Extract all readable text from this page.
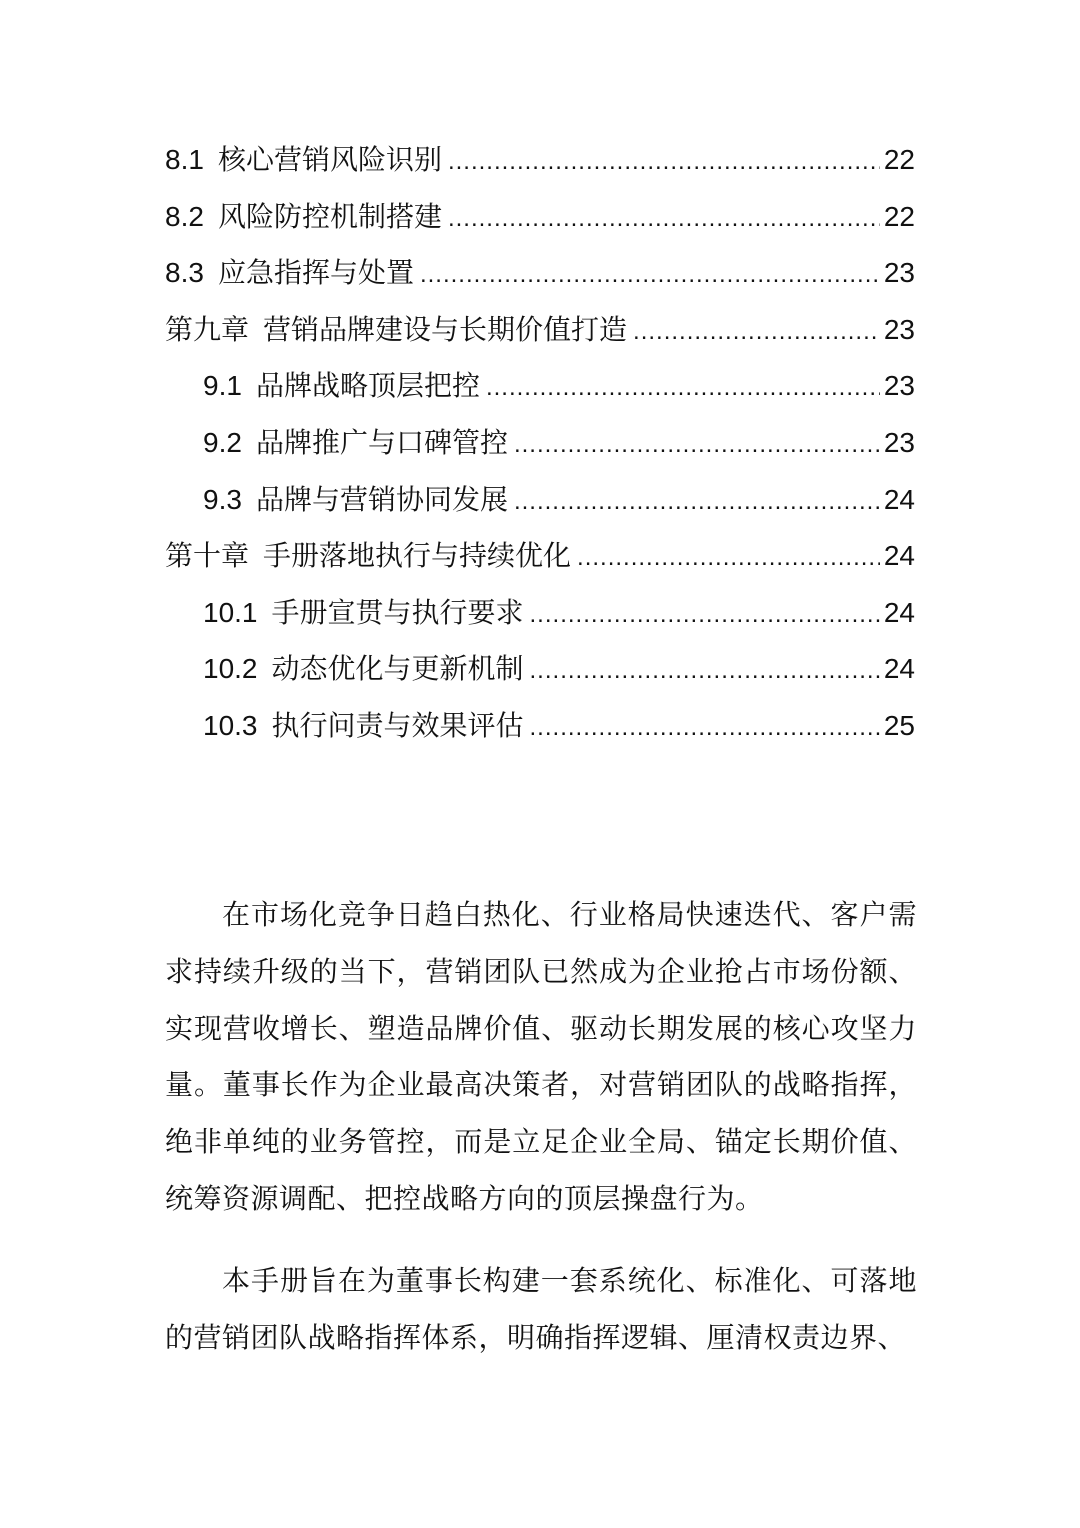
8.1 核心营销风险识别 .....	22
8.2 风险防控机制搭建 .....	22
8.3 应急指挥与处置 .....	23
第九章 营销品牌建设与长期价值打造 .....	23
9.1 品牌战略顶层把控 .....	23
9.2 品牌推广与口碑管控 .....	23
9.3 品牌与营销协同发展 .....	24
第十章 手册落地执行与持续优化 .....	24
10.1 手册宣贯与执行要求 .....	24
10.2 动态优化与更新机制 .....	24
10.3 执行问责与效果评估 .....	25

在市场化竞争日趋白热化、行业格局快速迭代、客户需求持续升级的当下，营销团队已然成为企业抢占市场份额、实现营收增长、塑造品牌价值、驱动长期发展的核心攻坚力量。董事长作为企业最高决策者，对营销团队的战略指挥，绝非单纯的业务管控，而是立足企业全局、锚定长期价值、统筹资源调配、把控战略方向的顶层操盘行为。

本手册旨在为董事长构建一套系统化、标准化、可落地的营销团队战略指挥体系，明确指挥逻辑、厘清权责边界、
